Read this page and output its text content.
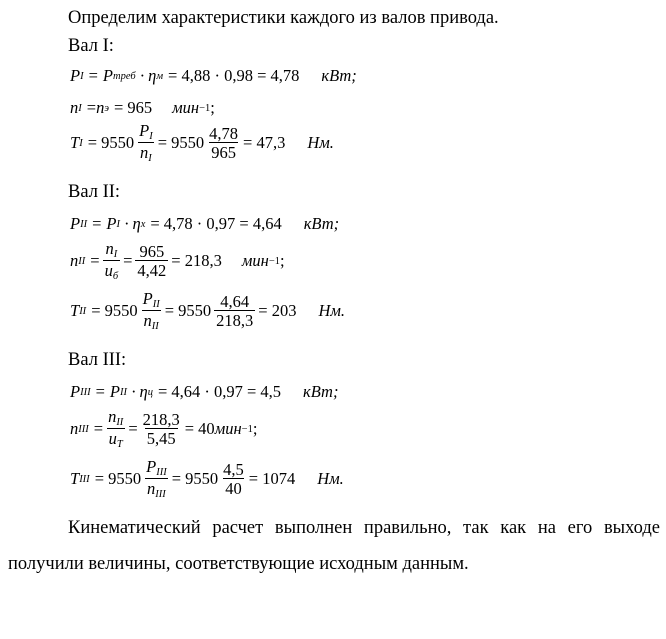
Определим характеристики каждого из валов привода.
Вал I:
P I = P треб · η м = 4,88 · 0,98 = 4,78 кВт;
n I = n э = 965 мин −1 ;
T $I = 9550 \frac{P_I}{n_I} = 9550 \frac{4,78}{965} = 47,3$ Нм.
Вал II:
P II = P I · η х = 4,78 · 0,97 = 4,64 кВт;
n II = $\frac{n_I}{u_б} = \frac{965}{4,42} = 218,3$ мин −1 ;
T II = $9550 \frac{P_{II}}{n_{II}} = 9550 \frac{4,64}{218,3} = 203$ Нм.
Вал III:
P III = P II · η ц = 4,64 · 0,97 = 4,5 кВт;
n III = $\frac{n_{II}}{u_T} = \frac{218,3}{5,45} = 40$ мин −1 ;
T III = $9550 \frac{P_{III}}{n_{III}} = 9550 \frac{4,5}{40} = 1074$ Нм.
Кинематический расчет выполнен правильно, так как на его выходе
получили величины, соответствующие исходным данным.
